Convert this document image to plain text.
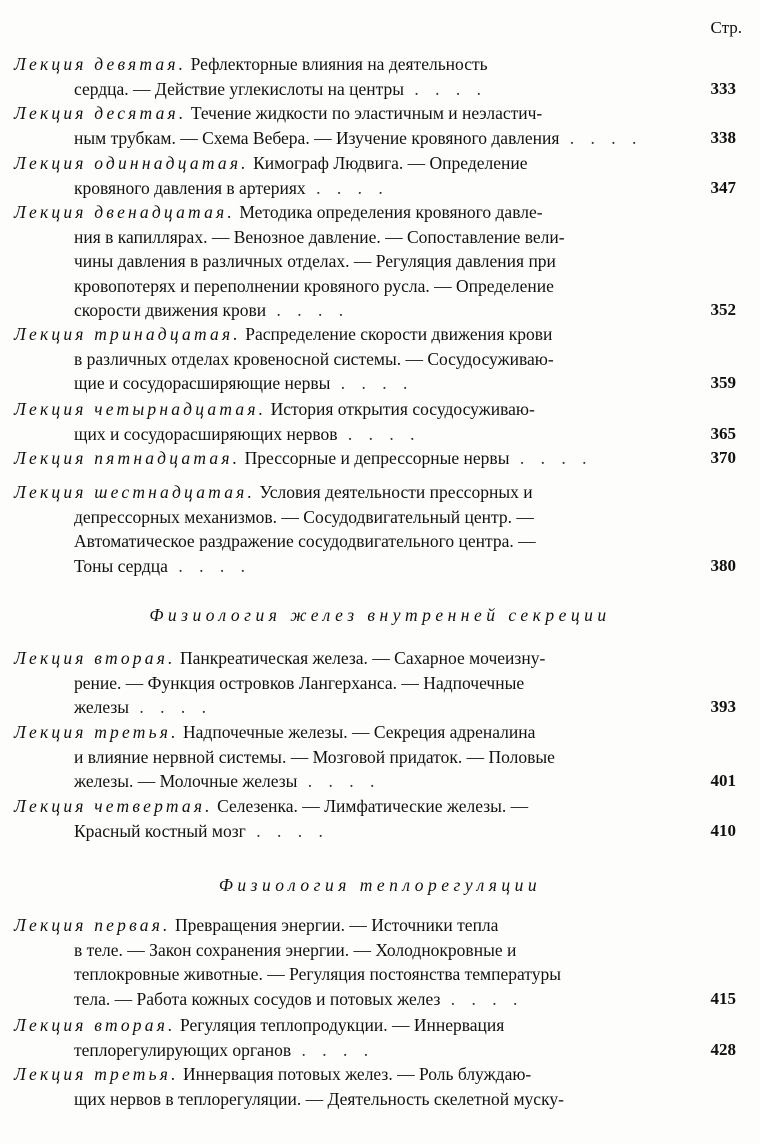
Стр.
Лекция девятая. Рефлекторные влияния на деятельность
сердца. — Действие углекислоты на центры . . . .	333
Лекция десятая. Течение жидкости по эластичным и неэластич-
ным трубкам. — Схема Вебера. — Изучение кровяного давления . . . .	338
Лекция одиннадцатая. Кимограф Людвига. — Определение
кровяного давления в артериях . . . .	347
Лекция двенадцатая. Методика определения кровяного давле-
ния в капиллярах. — Венозное давление. — Сопоставление вели-
чины давления в различных отделах. — Регуляция давления при
кровопотерях и переполнении кровяного русла. — Определение
скорости движения крови . . . .	352
Лекция тринадцатая. Распределение скорости движения крови
в различных отделах кровеносной системы. — Сосудосуживаю-
щие и сосудорасширяющие нервы . . . .	359
Лекция четырнадцатая. История открытия сосудосуживаю-
щих и сосудорасширяющих нервов . . . .	365
Лекция пятнадцатая. Прессорные и депрессорные нервы . . . .	370
Лекция шестнадцатая. Условия деятельности прессорных и
депрессорных механизмов. — Сосудодвигательный центр. —
Автоматическое раздражение сосудодвигательного центра. —
Тоны сердца . . . .	380
Физиология желез внутренней секреции
Лекция вторая. Панкреатическая железа. — Сахарное мочеизну-
рение. — Функция островков Лангерханса. — Надпочечные
железы . . . .	393
Лекция третья. Надпочечные железы. — Секреция адреналина
и влияние нервной системы. — Мозговой придаток. — Половые
железы. — Молочные железы . . . .	401
Лекция четвертая. Селезенка. — Лимфатические железы. —
Красный костный мозг . . . .	410
Физиология теплорегуляции
Лекция первая. Превращения энергии. — Источники тепла
в теле. — Закон сохранения энергии. — Холоднокровные и
теплокровные животные. — Регуляция постоянства температуры
тела. — Работа кожных сосудов и потовых желез . . . .	415
Лекция вторая. Регуляция теплопродукции. — Иннервация
теплорегулирующих органов . . . .	428
Лекция третья. Иннервация потовых желез. — Роль блуждаю-
щих нервов в теплорегуляции. — Деятельность скелетной муску-
